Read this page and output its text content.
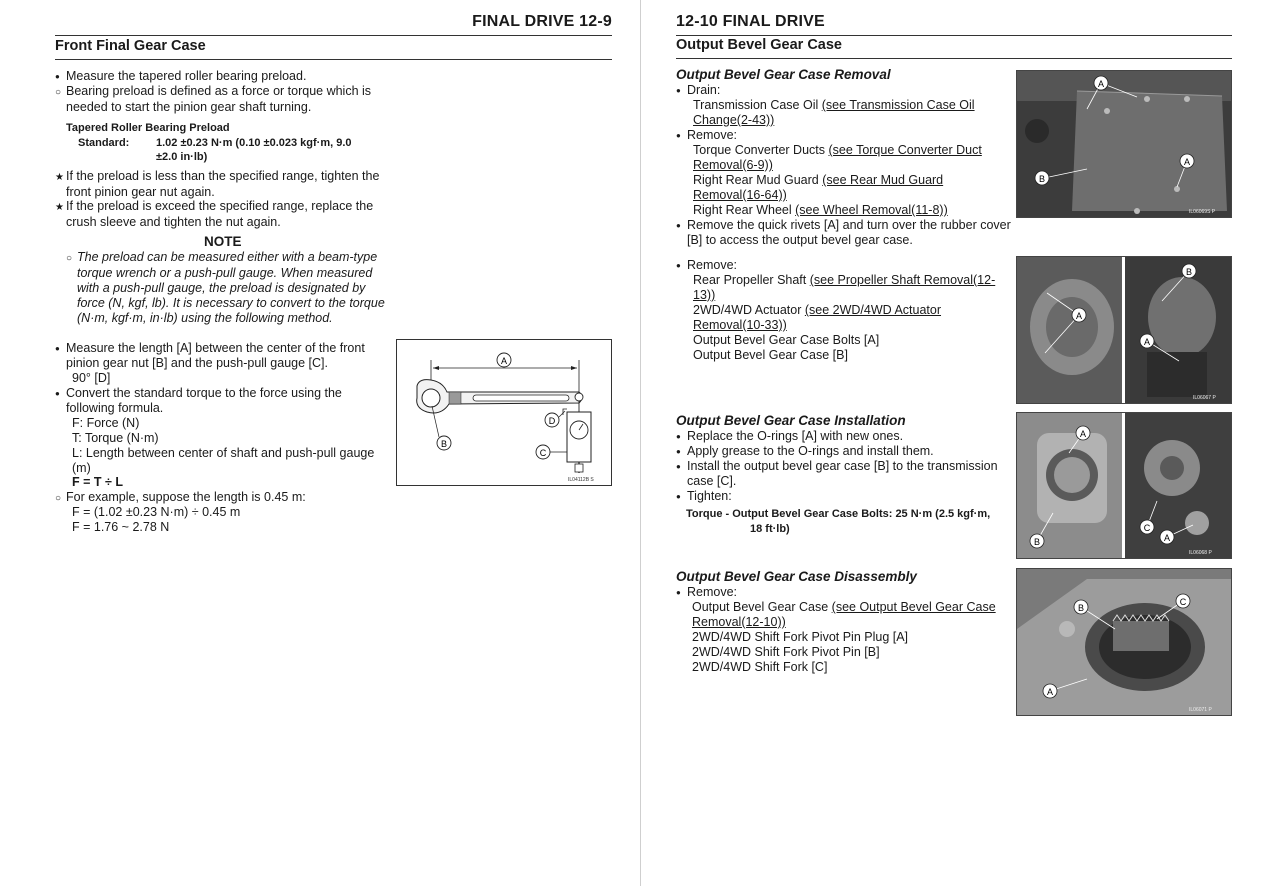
FINAL DRIVE 12-9
Front Final Gear Case
● Measure the tapered roller bearing preload.
○ Bearing preload is defined as a force or torque which is needed to start the pinion gear shaft turning.
Tapered Roller Bearing Preload
Standard: 1.02 ±0.23 N·m (0.10 ±0.023 kgf·m, 9.0
±2.0 in·lb)
★ If the preload is less than the specified range, tighten the front pinion gear nut again.
★ If the preload is exceed the specified range, replace the crush sleeve and tighten the nut again.
NOTE
○ The preload can be measured either with a beam-type torque wrench or a push-pull gauge. When measured with a push-pull gauge, the preload is designated by force (N, kgf, lb). It is necessary to convert to the torque (N·m, kgf·m, in·lb) using the following method.
● Measure the length [A] between the center of the front pinion gear nut [B] and the push-pull gauge [C].
90° [D]
● Convert the standard torque to the force using the following formula.
F: Force (N)
T: Torque (N·m)
L: Length between center of shaft and push-pull gauge (m)
F = T ÷ L
○ For example, suppose the length is 0.45 m:
F = (1.02 ±0.23 N·m) ÷ 0.45 m
F = 1.76 ~ 2.78 N
A
D
C
B
IL04112B S
12-10 FINAL DRIVE
Output Bevel Gear Case
Output Bevel Gear Case Removal
● Drain:
Transmission Case Oil (see Transmission Case Oil Change(2-43))
● Remove:
Torque Converter Ducts (see Torque Converter Duct Removal(6-9))
Right Rear Mud Guard (see Rear Mud Guard Removal(16-64))
Right Rear Wheel (see Wheel Removal(11-8))
● Remove the quick rivets [A] and turn over the rubber cover [B] to access the output bevel gear case.
● Remove:
Rear Propeller Shaft (see Propeller Shaft Removal(12-13))
2WD/4WD Actuator (see 2WD/4WD Actuator Removal(10-33))
Output Bevel Gear Case Bolts [A]
Output Bevel Gear Case [B]
Output Bevel Gear Case Installation
● Replace the O-rings [A] with new ones.
● Apply grease to the O-rings and install them.
● Install the output bevel gear case [B] to the transmission case [C].
● Tighten:
Torque - Output Bevel Gear Case Bolts: 25 N·m (2.5 kgf·m,
18 ft·lb)
Output Bevel Gear Case Disassembly
● Remove:
Output Bevel Gear Case (see Output Bevel Gear Case Removal(12-10))
2WD/4WD Shift Fork Pivot Pin Plug [A]
2WD/4WD Shift Fork Pivot Pin [B]
2WD/4WD Shift Fork [C]
A
A
B
IL06069S P
A
A
B
IL06067 P
A
B
C
A
IL06068 P
B
C
A
IL06071 P
